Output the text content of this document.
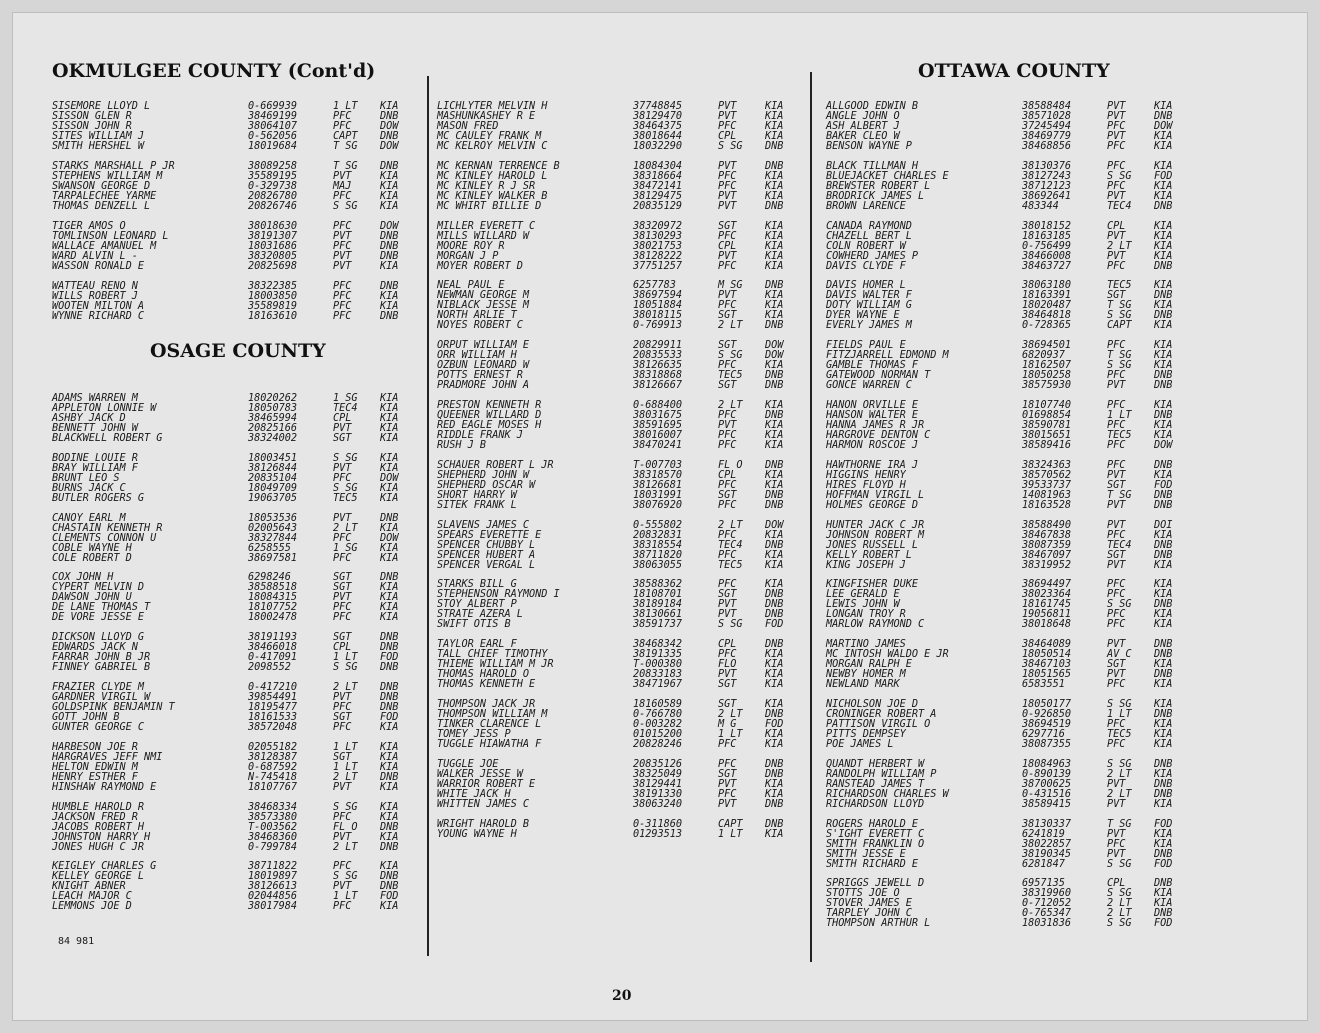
OKMULGEE COUNTY (Cont'd)
SISEMORE LLOYD L	0-669939	1 LT KIA
SISSON GLEN R	38469199	PFC	DNB
SISSON JOHN R	38064107	PFC	DOW
SITES WILLIAM J	0-562056	CAPT DNB
SMITH HERSHEL W	18019684	T SG DOW
STARKS MARSHALL P JR	38089258	T SG DNB
STEPHENS WILLIAM M	35589195	PVT	KIA
SWANSON GEORGE D	0-329738	MAJ	KIA
TARPALECHEE YARME	20826780	PFC	KIA
THOMAS DENZELL L	20826746	S SG KIA
TIGER AMOS O	38018630	PFC	DOW
TOMLINSON LEONARD L	38191307	PVT	DNB
WALLACE AMANUEL M	18031686	PFC	DNB
WARD ALVIN L -	38320805	PVT	DNB
WASSON RONALD E	20825698	PVT	KIA
WATTEAU RENO N	38322385	PFC	DNB
WILLS ROBERT J	18003850	PFC	KIA
WOOTEN MILTON A	35589819	PFC	KIA
WYNNE RICHARD C	18163610	PFC	DNB
OSAGE COUNTY
ADAMS WARREN M	18020262	1 SG KIA
APPLETON LONNIE W	18050783	TEC4 KIA
ASHBY JACK D	38465994	CPL	KIA
BENNETT JOHN W	20825166	PVT	KIA
BLACKWELL ROBERT G	38324002	SGT	KIA
BODINE LOUIE R	18003451	S SG KIA
BRAY WILLIAM F	38126844	PVT	KIA
BRUNT LEO S	20835104	PFC	DOW
BURNS JACK C	18049709	S SG KIA
BUTLER ROGERS G	19063705	TEC5 KIA
CANOY EARL M	18053536	PVT	DNB
CHASTAIN KENNETH R	02005643	2 LT KIA
CLEMENTS CONNON U	38327844	PFC	DOW
COBLE WAYNE H	6258555	1 SG KIA
COLE ROBERT D	38697581	PFC	KIA
COX JOHN H	6298246	SGT	DNB
CYPERT MELVIN D	38588518	SGT	KIA
DAWSON JOHN U	18084315	PVT	KIA
DE LANE THOMAS T	18107752	PFC	KIA
DE VORE JESSE E	18002478	PFC	KIA
DICKSON LLOYD G	38191193	SGT	DNB
EDWARDS JACK N	38466018	CPL	DNB
FARRAR JOHN B JR	0-417091	1 LT FOD
FINNEY GABRIEL B	2098552	S SG DNB
FRAZIER CLYDE M	0-417210	2 LT DNB
GARDNER VIRGIL W	39854491	PVT	DNB
GOLDSPINK BENJAMIN T	18195477	PFC	DNB
GOTT JOHN B	18161533	SGT	FOD
GUNTER GEORGE C	38572048	PFC	KIA
HARBESON JOE R	02055182	1 LT KIA
HARGRAVES JEFF NMI	38128387	SGT	KIA
HELTON EDWIN M	0-687592	1 LT KIA
HENRY ESTHER F	N-745418	2 LT DNB
HINSHAW RAYMOND E	18107767	PVT	KIA
HUMBLE HAROLD R	38468334	S SG KIA
JACKSON FRED R	38573380	PFC	KIA
JACOBS ROBERT H	T-003562	FL O DNB
JOHNSTON HARRY H	38468360	PVT	KIA
JONES HUGH C JR	0-799784	2 LT DNB
KEIGLEY CHARLES G	38711822	PFC	KIA
KELLEY GEORGE L	18019897	S SG DNB
KNIGHT ABNER	38126613	PVT	DNB
LEACH MAJOR C	02044856	1 LT FOD
LEMMONS JOE D	38017984	PFC	KIA
LICHLYTER MELVIN H	37748845	PVT	KIA
MASHUNKASHEY R E	38129470	PVT	KIA
MASON FRED	38464375	PFC	KIA
MC CAULEY FRANK M	38018644	CPL	KIA
MC KELROY MELVIN C	18032290	S SG DNB
MC KERNAN TERRENCE B	18084304	PVT	DNB
MC KINLEY HAROLD L	38318664	PFC	KIA
MC KINLEY R J SR	38472141	PFC	KIA
MC KINLEY WALKER B	38129475	PVT	KIA
MC WHIRT BILLIE D	20835129	PVT	DNB
MILLER EVERETT C	38320972	SGT	KIA
MILLS WILLARD W	38130293	PFC	KIA
MOORE ROY R	38021753	CPL	KIA
MORGAN J P	38128222	PVT	KIA
MOYER ROBERT D	37751257	PFC	KIA
NEAL PAUL E	6257783	M SG DNB
NEWMAN GEORGE M	38697594	PVT	KIA
NIBLACK JESSE M	18051884	PFC	KIA
NORTH ARLIE T	38018115	SGT	KIA
NOYES ROBERT C	0-769913	2 LT DNB
ORPUT WILLIAM E	20829911	SGT	DOW
ORR WILLIAM H	20835533	S SG DOW
OZBUN LEONARD W	38126635	PFC	KIA
POTTS ERNEST R	38318868	TEC5 DNB
PRADMORE JOHN A	38126667	SGT	DNB
PRESTON KENNETH R	0-688400	2 LT KIA
QUEENER WILLARD D	38031675	PFC	DNB
RED EAGLE MOSES H	38591695	PVT	KIA
RIDDLE FRANK J	38016007	PFC	KIA
RUSH J B	38470241	PFC	KIA
SCHAUER ROBERT L JR	T-007703	FL O DNB
SHEPHERD JOHN W	38318570	CPL	KIA
SHEPHERD OSCAR W	38126681	PFC	KIA
SHORT HARRY W	18031991	SGT	DNB
SITEK FRANK L	38076920	PFC	DNB
SLAVENS JAMES C	0-555802	2 LT DOW
SPEARS EVERETTE E	20832831	PFC	KIA
SPENCER CHUBBY L	38318554	TEC4 DNB
SPENCER HUBERT A	38711820	PFC	KIA
SPENCER VERGAL L	38063055	TEC5 KIA
STARKS BILL G	38588362	PFC	KIA
STEPHENSON RAYMOND I	18108701	SGT	DNB
STOY ALBERT P	38189184	PVT	DNB
STRATE AZERA L	38130661	PVT	DNB
SWIFT OTIS B	38591737	S SG FOD
TAYLOR EARL F	38468342	CPL	DNB
TALL CHIEF TIMOTHY	38191335	PFC	KIA
THIEME WILLIAM M JR	T-000380	FLO	KIA
THOMAS HAROLD O	20833183	PVT	KIA
THOMAS KENNETH E	38471967	SGT	KIA
THOMPSON JACK JR	18160589	SGT	KIA
THOMPSON WILLIAM M	0-766780	2 LT DNB
TINKER CLARENCE L	0-003282	M G	FOD
TOMEY JESS P	01015200	1 LT KIA
TUGGLE HIAWATHA F	20828246	PFC	KIA
TUGGLE JOE	20835126	PFC	DNB
WALKER JESSE W	38325049	SGT	DNB
WARRIOR ROBERT E	38129441	PVT	KIA
WHITE JACK H	38191330	PFC	KIA
WHITTEN JAMES C	38063240	PVT	DNB
WRIGHT HAROLD B	0-311860	CAPT DNB
YOUNG WAYNE H	01293513	1 LT KIA
OTTAWA COUNTY
ALLGOOD EDWIN B	38588484	PVT	KIA
ANGLE JOHN O	38571028	PVT	DNB
ASH ALBERT J	37245494	PFC	DOW
BAKER CLEO W	38469779	PVT	KIA
BENSON WAYNE P	38468856	PFC	KIA
BLACK TILLMAN H	38130376	PFC	KIA
BLUEJACKET CHARLES E	38127243	S SG FOD
BREWSTER ROBERT L	38712123	PFC	KIA
BRODRICK JAMES L	38692641	PVT	KIA
BROWN LARENCE	483344	TEC4 DNB
CANADA RAYMOND	38018152	CPL	KIA
CHAZELL BERT L	18163185	PVT	KIA
COLN ROBERT W	0-756499	2 LT KIA
COWHERD JAMES P	38466008	PVT	KIA
DAVIS CLYDE F	38463727	PFC	DNB
DAVIS HOMER L	38063180	TEC5 KIA
DAVIS WALTER F	18163391	SGT	DNB
DOTY WILLIAM G	18020487	T SG KIA
DYER WAYNE E	38464818	S SG DNB
EVERLY JAMES M	0-728365	CAPT KIA
FIELDS PAUL E	38694501	PFC	KIA
FITZJARRELL EDMOND M	6820937	T SG KIA
GAMBLE THOMAS F	18162507	S SG KIA
GATEWOOD NORMAN T	18050258	PFC	DNB
GONCE WARREN C	38575930	PVT	DNB
HANON ORVILLE E	18107740	PFC	KIA
HANSON WALTER E	01698854	1 LT DNB
HANNA JAMES R JR	38590781	PFC	KIA
HARGROVE DENTON C	38015651	TEC5 KIA
HARMON ROSCOE J	38589416	PFC	DOW
HAWTHORNE IRA J	38324363	PFC	DNB
HIGGINS HENRY	38570562	PVT	KIA
HIRES FLOYD H	39533737	SGT	FOD
HOFFMAN VIRGIL L	14081963	T SG DNB
HOLMES GEORGE D	18163528	PVT	DNB
HUNTER JACK C JR	38588490	PVT	DOI
JOHNSON ROBERT M	38467838	PFC	KIA
JONES RUSSELL L	38087359	TEC4 DNB
KELLY ROBERT L	38467097	SGT	DNB
KING JOSEPH J	38319952	PVT	KIA
KINGFISHER DUKE	38694497	PFC	KIA
LEE GERALD E	38023364	PFC	KIA
LEWIS JOHN W	18161745	S SG DNB
LONGAN TROY R	19056811	PFC	KIA
MARLOW RAYMOND C	38018648	PFC	KIA
MARTINO JAMES	38464089	PVT	DNB
MC INTOSH WALDO E JR	18050514	AV C DNB
MORGAN RALPH E	38467103	SGT	KIA
NEWBY HOMER M	18051565	PVT	DNB
NEWLAND MARK	6583551	PFC	KIA
NICHOLSON JOE D	18050177	S SG KIA
CRONINGER ROBERT A	0-926850	1 LT DNB
PATTISON VIRGIL O	38694519	PFC	KIA
PITTS DEMPSEY	6297716	TEC5 KIA
POE JAMES L	38087355	PFC	KIA
QUANDT HERBERT W	18084963	S SG DNB
RANDOLPH WILLIAM P	0-890139	2 LT KIA
RANSTEAD JAMES T	38700625	PVT	DNB
RICHARDSON CHARLES W	0-431516	2 LT DNB
RICHARDSON LLOYD	38589415	PVT	KIA
ROGERS HAROLD E	38130337	T SG FOD
S'IGHT EVERETT C	6241819	PVT	KIA
SMITH FRANKLIN O	38022857	PFC	KIA
SMITH JESSE E	38190345	PVT	DNB
SMITH RICHARD E	6281847	S SG FOD
SPRIGGS JEWELL D	6957135	CPL	DNB
STOTTS JOE O	38319960	S SG KIA
STOVER JAMES E	0-712052	2 LT KIA
TARPLEY JOHN C	0-765347	2 LT DNB
THOMPSON ARTHUR L	18031836	S SG FOD
84 981
20
